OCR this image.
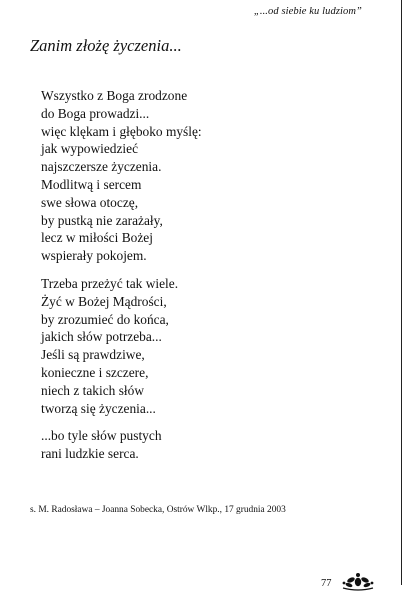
„...od siebie ku ludziom”
Zanim złożę życzenia...

Wszystko z Boga zrodzone
do Boga prowadzi...
więc klękam i głęboko myślę:
jak wypowiedzieć
najszczersze życzenia.
Modlitwą i sercem
swe słowa otoczę,
by pustką nie zarażały,
lecz w miłości Bożej
wspierały pokojem.

Trzeba przeżyć tak wiele.
Żyć w Bożej Mądrości,
by zrozumieć do końca,
jakich słów potrzeba...
Jeśli są prawdziwe,
konieczne i szczere,
niech z takich słów
tworzą się życzenia...

...bo tyle słów pustych
rani ludzkie serca.

s. M. Radosława – Joanna Sobecka, Ostrów Wlkp., 17 grudnia 2003
77
